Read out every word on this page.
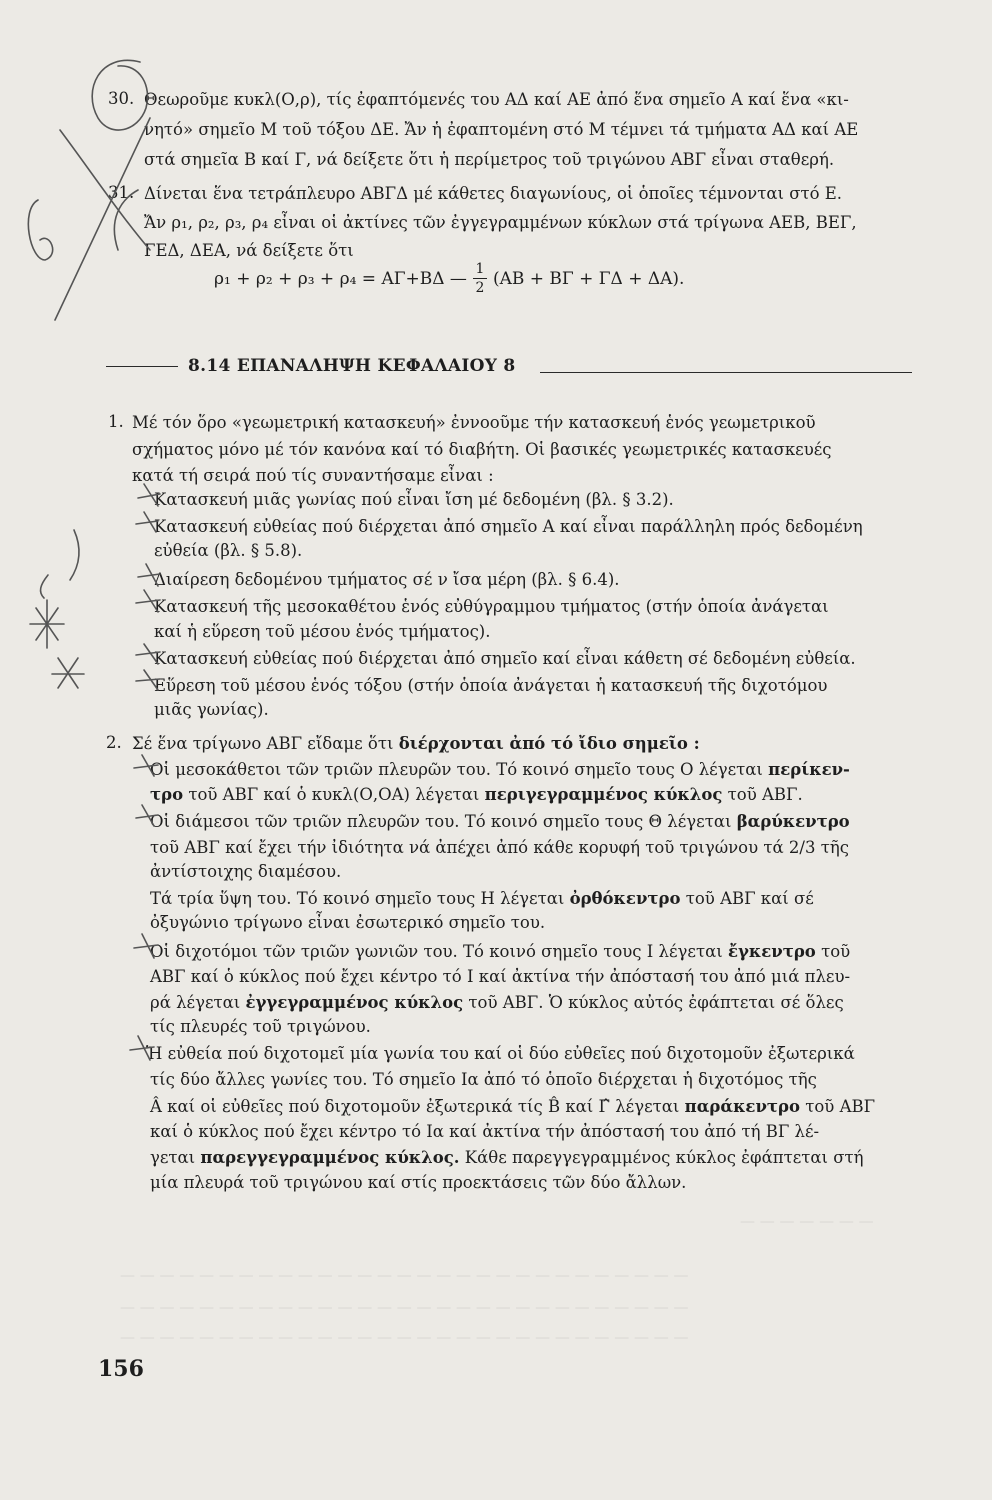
30. Θεωροῦμε κυκλ(Ο,ρ), τίς ἐφαπτόμενές του ΑΔ καί ΑΕ ἀπό ἕνα σημεῖο Α καί ἕνα «κι-
νητό» σημεῖο Μ τοῦ τόξου ΔΕ. Ἄν ἡ ἐφαπτομένη στό Μ τέμνει τά τμήματα ΑΔ καί ΑΕ
στά σημεῖα Β καί Γ, νά δείξετε ὅτι ἡ περίμετρος τοῦ τριγώνου ΑΒΓ εἶναι σταθερή.
31. Δίνεται ἕνα τετράπλευρο ΑΒΓΔ μέ κάθετες διαγωνίους, οἱ ὁποῖες τέμνονται στό Ε.
Ἄν ρ₁, ρ₂, ρ₃, ρ₄ εἶναι οἱ ἀκτίνες τῶν ἐγγεγραμμένων κύκλων στά τρίγωνα ΑΕΒ, ΒΕΓ,
ΓΕΔ, ΔΕΑ, νά δείξετε ὅτι
ρ₁ + ρ₂ + ρ₃ + ρ₄ = ΑΓ+ΒΔ — $\frac{1}{2} (AB + B\Gamma + \Gamma\Delta + \Delta A)$.
8.14 ΕΠΑΝΑΛΗΨΗ ΚΕΦΑΛΑΙΟΥ 8
1. Μέ τόν ὅρο «γεωμετρική κατασκευή» ἐννοοῦμε τήν κατασκευή ἑνός γεωμετρικοῦ
σχήματος μόνο μέ τόν κανόνα καί τό διαβήτη. Οἱ βασικές γεωμετρικές κατασκευές
κατά τή σειρά πού τίς συναντήσαμε εἶναι :
Κατασκευή μιᾶς γωνίας πού εἶναι ἴση μέ δεδομένη (βλ. § 3.2).
Κατασκευή εὐθείας πού διέρχεται ἀπό σημεῖο Α καί εἶναι παράλληλη πρός δεδομένη
εὐθεία (βλ. § 5.8).
Διαίρεση δεδομένου τμήματος σέ ν ἴσα μέρη (βλ. § 6.4).
Κατασκευή τῆς μεσοκαθέτου ἑνός εὐθύγραμμου τμήματος (στήν ὁποία ἀνάγεται
καί ἡ εὕρεση τοῦ μέσου ἑνός τμήματος).
Κατασκευή εὐθείας πού διέρχεται ἀπό σημεῖο καί εἶναι κάθετη σέ δεδομένη εὐθεία.
Εὕρεση τοῦ μέσου ἑνός τόξου (στήν ὁποία ἀνάγεται ἡ κατασκευή τῆς διχοτόμου
μιᾶς γωνίας).
2. Σέ ἕνα τρίγωνο ΑΒΓ εἴδαμε ὅτι διέρχονται ἀπό τό ἴδιο σημεῖο :
Οἱ μεσοκάθετοι τῶν τριῶν πλευρῶν του. Τό κοινό σημεῖο τους Ο λέγεται περίκεν-
τρο τοῦ ΑΒΓ καί ὁ κυκλ(Ο,ΟΑ) λέγεται περιγεγραμμένος κύκλος τοῦ ΑΒΓ.
Οἱ διάμεσοι τῶν τριῶν πλευρῶν του. Τό κοινό σημεῖο τους Θ λέγεται βαρύκεντρο
τοῦ ΑΒΓ καί ἔχει τήν ἰδιότητα νά ἀπέχει ἀπό κάθε κορυφή τοῦ τριγώνου τά 2/3 τῆς
ἀντίστοιχης διαμέσου.
Τά τρία ὕψη του. Τό κοινό σημεῖο τους Η λέγεται ὀρθόκεντρο τοῦ ΑΒΓ καί σέ
ὀξυγώνιο τρίγωνο εἶναι ἐσωτερικό σημεῖο του.
Οἱ διχοτόμοι τῶν τριῶν γωνιῶν του. Τό κοινό σημεῖο τους Ι λέγεται ἔγκεντρο τοῦ
ΑΒΓ καί ὁ κύκλος πού ἔχει κέντρο τό Ι καί ἀκτίνα τήν ἀπόστασή του ἀπό μιά πλευ-
ρά λέγεται ἐγγεγραμμένος κύκλος τοῦ ΑΒΓ. Ὁ κύκλος αὐτός ἐφάπτεται σέ ὅλες
τίς πλευρές τοῦ τριγώνου.
Ἡ εὐθεία πού διχοτομεῖ μία γωνία του καί οἱ δύο εὐθεῖες πού διχοτομοῦν ἐξωτερικά
τίς δύο ἄλλες γωνίες του. Τό σημεῖο Iα ἀπό τό ὁποῖο διέρχεται ἡ διχοτόμος τῆς
Â καί οἱ εὐθεῖες πού διχοτομοῦν ἐξωτερικά τίς B̂ καί Γ̂ λέγεται παράκεντρο τοῦ ΑΒΓ
καί ὁ κύκλος πού ἔχει κέντρο τό Iα καί ἀκτίνα τήν ἀπόστασή του ἀπό τή ΒΓ λέ-
γεται παρεγγεγραμμένος κύκλος. Κάθε παρεγγεγραμμένος κύκλος ἐφάπτεται στή
μία πλευρά τοῦ τριγώνου καί στίς προεκτάσεις τῶν δύο ἄλλων.
— — — — — — —
— — — — — — — — — — — — — — — — — — — — — — — — — — — — —
— — — — — — — — — — — — — — — — — — — — — — — — — — — — —
— — — — — — — — — — — — — — — — — — — — — — — — — — — — —
156
